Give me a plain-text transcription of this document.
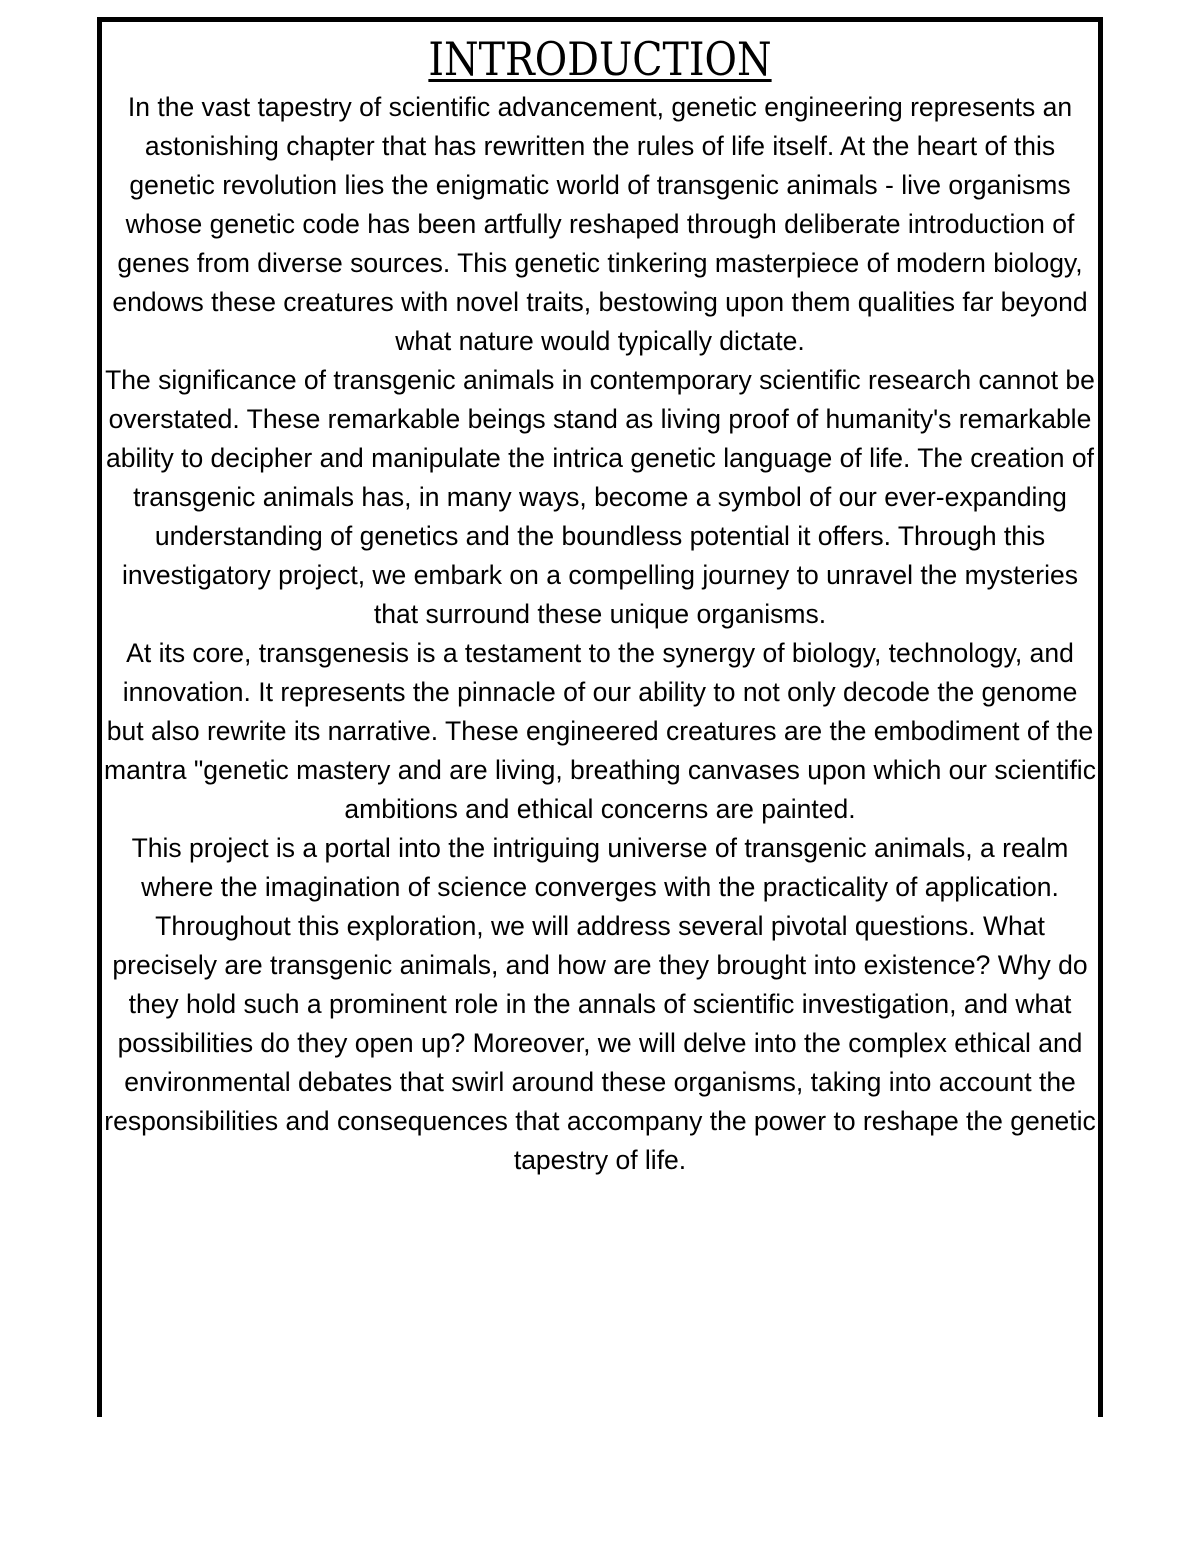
INTRODUCTION

In the vast tapestry of scientific advancement, genetic engineering represents an astonishing chapter that has rewritten the rules of life itself. At the heart of this genetic revolution lies the enigmatic world of transgenic animals - live organisms whose genetic code has been artfully reshaped through deliberate introduction of genes from diverse sources. This genetic tinkering masterpiece of modern biology, endows these creatures with novel traits, bestowing upon them qualities far beyond what nature would typically dictate.

The significance of transgenic animals in contemporary scientific research cannot be overstated. These remarkable beings stand as living proof of humanity's remarkable ability to decipher and manipulate the intrica genetic language of life. The creation of transgenic animals has, in many ways, become a symbol of our ever-expanding understanding of genetics and the boundless potential it offers. Through this investigatory project, we embark on a compelling journey to unravel the mysteries that surround these unique organisms.

At its core, transgenesis is a testament to the synergy of biology, technology, and innovation. It represents the pinnacle of our ability to not only decode the genome but also rewrite its narrative. These engineered creatures are the embodiment of the mantra "genetic mastery and are living, breathing canvases upon which our scientific ambitions and ethical concerns are painted.

This project is a portal into the intriguing universe of transgenic animals, a realm where the imagination of science converges with the practicality of application. Throughout this exploration, we will address several pivotal questions. What precisely are transgenic animals, and how are they brought into existence? Why do they hold such a prominent role in the annals of scientific investigation, and what possibilities do they open up? Moreover, we will delve into the complex ethical and environmental debates that swirl around these organisms, taking into account the responsibilities and consequences that accompany the power to reshape the genetic tapestry of life.
